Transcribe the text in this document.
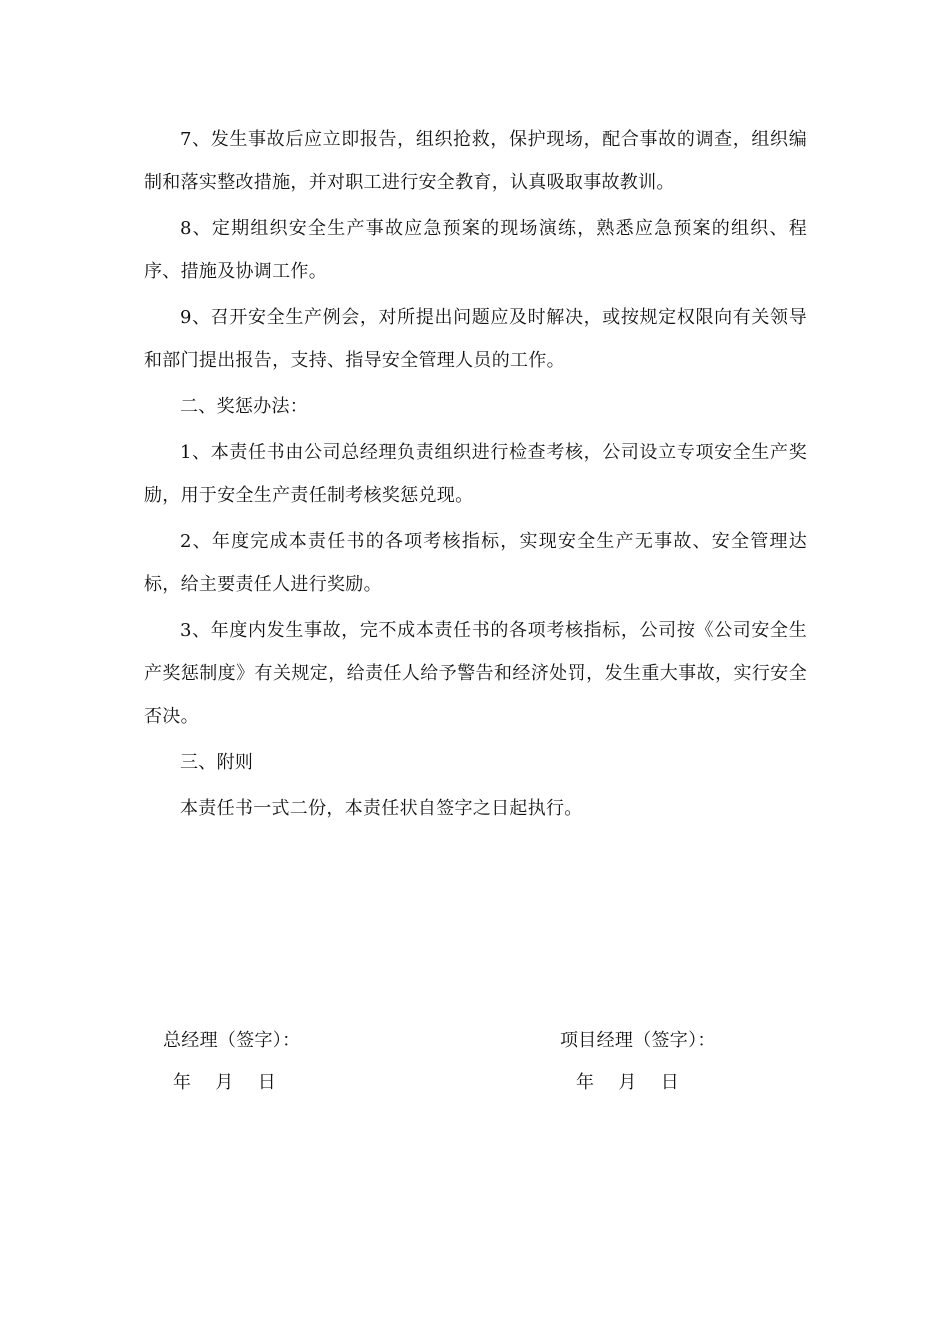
7、发生事故后应立即报告，组织抢救，保护现场，配合事故的调查，组织编制和落实整改措施，并对职工进行安全教育，认真吸取事故教训。

8、定期组织安全生产事故应急预案的现场演练，熟悉应急预案的组织、程序、措施及协调工作。

9、召开安全生产例会，对所提出问题应及时解决，或按规定权限向有关领导和部门提出报告，支持、指导安全管理人员的工作。

二、奖惩办法：

1、本责任书由公司总经理负责组织进行检查考核，公司设立专项安全生产奖励，用于安全生产责任制考核奖惩兑现。

2、年度完成本责任书的各项考核指标，实现安全生产无事故、安全管理达标，给主要责任人进行奖励。

3、年度内发生事故，完不成本责任书的各项考核指标，公司按《公司安全生产奖惩制度》有关规定，给责任人给予警告和经济处罚，发生重大事故，实行安全否决。

三、附则

本责任书一式二份，本责任状自签字之日起执行。

总经理（签字）：
年    月    日
项目经理（签字）：
年    月    日
